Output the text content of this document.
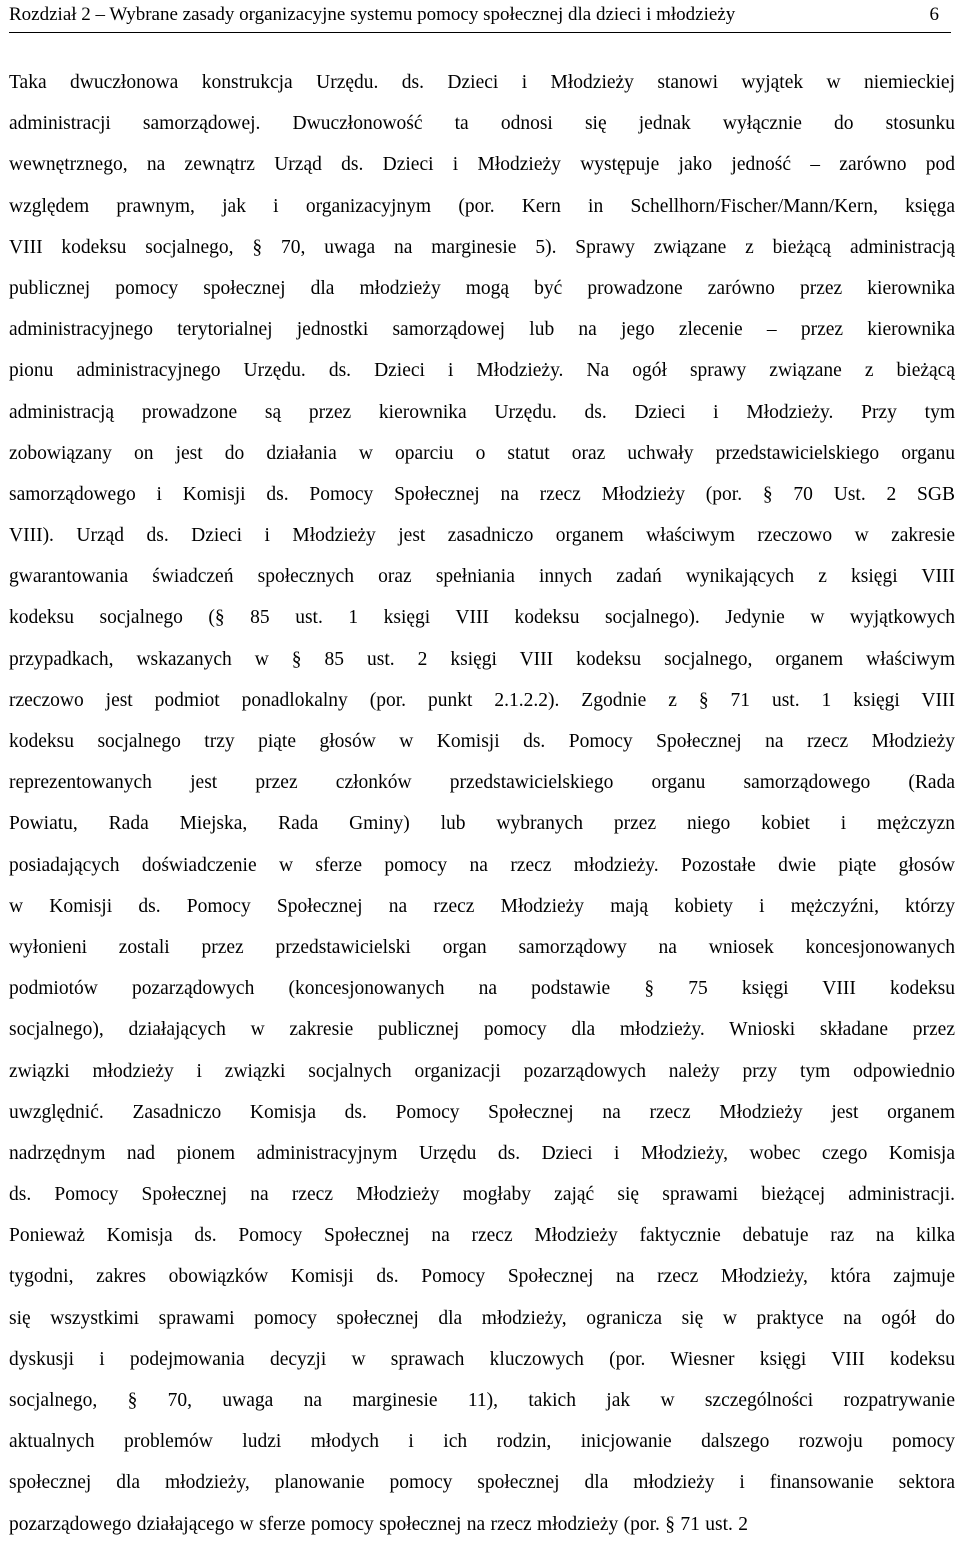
Rozdział 2 – Wybrane zasady organizacyjne systemu pomocy społecznej dla dzieci i młodzieży	6
Taka dwuczłonowa konstrukcja Urzędu. ds. Dzieci i Młodzieży stanowi wyjątek w niemieckiej
administracji samorządowej. Dwuczłonowość ta odnosi się jednak wyłącznie do stosunku
wewnętrznego, na zewnątrz Urząd ds. Dzieci i Młodzieży występuje jako jedność – zarówno pod
względem prawnym, jak i organizacyjnym (por. Kern in Schellhorn/Fischer/Mann/Kern, księga
VIII kodeksu socjalnego, § 70, uwaga na marginesie 5). Sprawy związane z bieżącą administracją
publicznej pomocy społecznej dla młodzieży mogą być prowadzone zarówno przez kierownika
administracyjnego terytorialnej jednostki samorządowej lub na jego zlecenie – przez kierownika
pionu administracyjnego Urzędu. ds. Dzieci i Młodzieży. Na ogół sprawy związane z bieżącą
administracją prowadzone są przez kierownika Urzędu. ds. Dzieci i Młodzieży. Przy tym
zobowiązany on jest do działania w oparciu o statut oraz uchwały przedstawicielskiego organu
samorządowego i Komisji ds. Pomocy Społecznej na rzecz Młodzieży (por. § 70 Ust. 2 SGB
VIII). Urząd ds. Dzieci i Młodzieży jest zasadniczo organem właściwym rzeczowo w zakresie
gwarantowania świadczeń społecznych oraz spełniania innych zadań wynikających z księgi VIII
kodeksu socjalnego (§ 85 ust. 1 księgi VIII kodeksu socjalnego). Jedynie w wyjątkowych
przypadkach, wskazanych w § 85 ust. 2 księgi VIII kodeksu socjalnego, organem właściwym
rzeczowo jest podmiot ponadlokalny (por. punkt 2.1.2.2). Zgodnie z § 71 ust. 1 księgi VIII
kodeksu socjalnego trzy piąte głosów w Komisji ds. Pomocy Społecznej na rzecz Młodzieży
reprezentowanych jest przez członków przedstawicielskiego organu samorządowego (Rada
Powiatu, Rada Miejska, Rada Gminy) lub wybranych przez niego kobiet i mężczyzn
posiadających doświadczenie w sferze pomocy na rzecz młodzieży. Pozostałe dwie piąte głosów
w Komisji ds. Pomocy Społecznej na rzecz Młodzieży mają kobiety i mężczyźni, którzy
wyłonieni zostali przez przedstawicielski organ samorządowy na wniosek koncesjonowanych
podmiotów pozarządowych (koncesjonowanych na podstawie § 75 księgi VIII kodeksu
socjalnego), działających w zakresie publicznej pomocy dla młodzieży. Wnioski składane przez
związki młodzieży i związki socjalnych organizacji pozarządowych należy przy tym odpowiednio
uwzględnić. Zasadniczo Komisja ds. Pomocy Społecznej na rzecz Młodzieży jest organem
nadrzędnym nad pionem administracyjnym Urzędu ds. Dzieci i Młodzieży, wobec czego Komisja
ds. Pomocy Społecznej na rzecz Młodzieży mogłaby zająć się sprawami bieżącej administracji.
Ponieważ Komisja ds. Pomocy Społecznej na rzecz Młodzieży faktycznie debatuje raz na kilka
tygodni, zakres obowiązków Komisji ds. Pomocy Społecznej na rzecz Młodzieży, która zajmuje
się wszystkimi sprawami pomocy społecznej dla młodzieży, ogranicza się w praktyce na ogół do
dyskusji i podejmowania decyzji w sprawach kluczowych (por. Wiesner księgi VIII kodeksu
socjalnego, § 70, uwaga na marginesie 11), takich jak w szczególności rozpatrywanie
aktualnych problemów ludzi młodych i ich rodzin, inicjowanie dalszego rozwoju pomocy
społecznej dla młodzieży, planowanie pomocy społecznej dla młodzieży i finansowanie sektora
pozarządowego działającego w sferze pomocy społecznej na rzecz młodzieży (por. § 71 ust. 2
